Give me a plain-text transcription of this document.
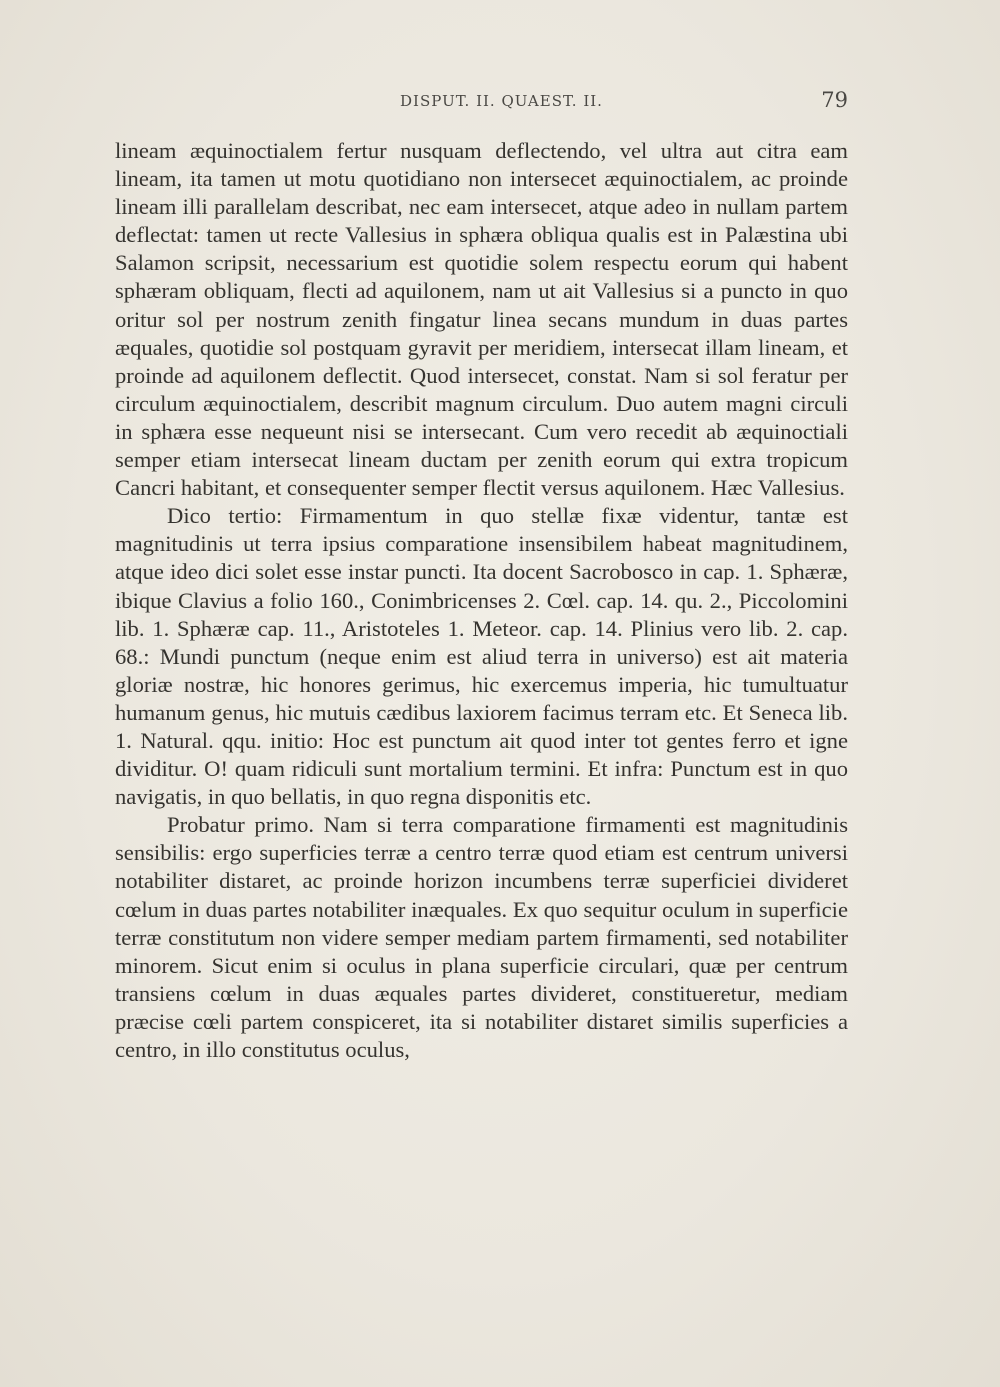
DISPUT. II. QUAEST. II.	79

lineam æquinoctialem fertur nusquam deflectendo, vel ultra aut citra eam lineam, ita tamen ut motu quotidiano non intersecet æquinoctialem, ac proinde lineam illi parallelam describat, nec eam intersecet, atque adeo in nullam partem deflectat: tamen ut recte Vallesius in sphæra obliqua qualis est in Palæstina ubi Salamon scripsit, necessarium est quotidie solem respectu eorum qui habent sphæram obliquam, flecti ad aquilonem, nam ut ait Vallesius si a puncto in quo oritur sol per nostrum zenith fingatur linea secans mundum in duas partes æquales, quotidie sol postquam gyravit per meridiem, intersecat illam lineam, et proinde ad aquilonem deflectit. Quod intersecet, constat. Nam si sol feratur per circulum æquinoctialem, describit magnum circulum. Duo autem magni circuli in sphæra esse nequeunt nisi se intersecant. Cum vero recedit ab æquinoctiali semper etiam intersecat lineam ductam per zenith eorum qui extra tropicum Cancri habitant, et consequenter semper flectit versus aquilonem. Hæc Vallesius.

Dico tertio: Firmamentum in quo stellæ fixæ videntur, tantæ est magnitudinis ut terra ipsius comparatione insensibilem habeat magnitudinem, atque ideo dici solet esse instar puncti. Ita docent Sacrobosco in cap. 1. Sphæræ, ibique Clavius a folio 160., Conimbricenses 2. Cœl. cap. 14. qu. 2., Piccolomini lib. 1. Sphæræ cap. 11., Aristoteles 1. Meteor. cap. 14. Plinius vero lib. 2. cap. 68.: Mundi punctum (neque enim est aliud terra in universo) est ait materia gloriæ nostræ, hic honores gerimus, hic exercemus imperia, hic tumultuatur humanum genus, hic mutuis cædibus laxiorem facimus terram etc. Et Seneca lib. 1. Natural. qqu. initio: Hoc est punctum ait quod inter tot gentes ferro et igne dividitur. O! quam ridiculi sunt mortalium termini. Et infra: Punctum est in quo navigatis, in quo bellatis, in quo regna disponitis etc.

Probatur primo. Nam si terra comparatione firmamenti est magnitudinis sensibilis: ergo superficies terræ a centro terræ quod etiam est centrum universi notabiliter distaret, ac proinde horizon incumbens terræ superficiei divideret cœlum in duas partes notabiliter inæquales. Ex quo sequitur oculum in superficie terræ constitutum non videre semper mediam partem firmamenti, sed notabiliter minorem. Sicut enim si oculus in plana superficie circulari, quæ per centrum transiens cœlum in duas æquales partes divideret, constitueretur, mediam præcise cœli partem conspiceret, ita si notabiliter distaret similis superficies a centro, in illo constitutus oculus,
